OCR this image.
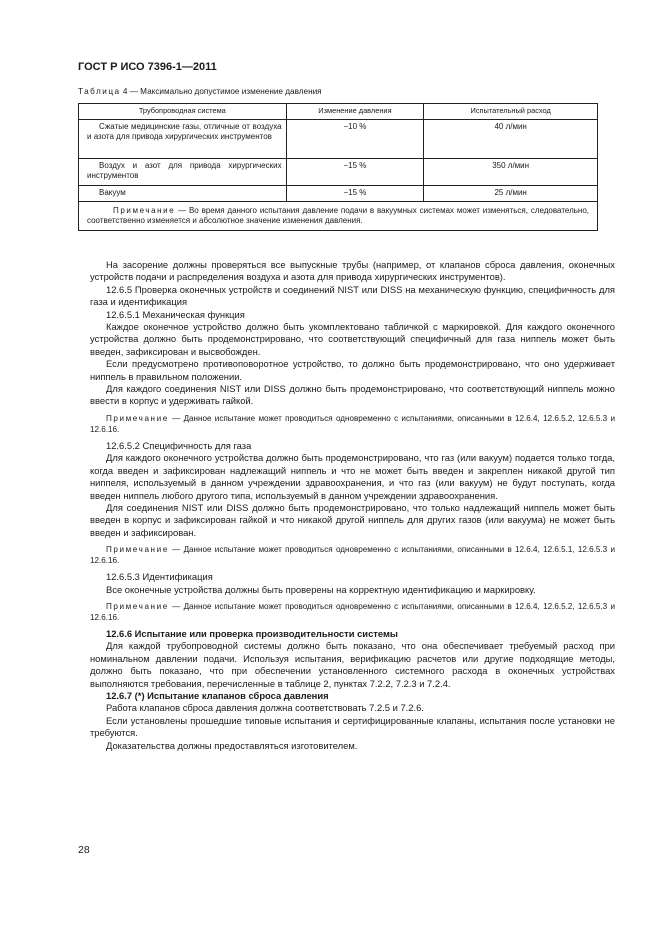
ГОСТ Р ИСО 7396-1—2011
Таблица 4 — Максимально допустимое изменение давления
Трубопроводная система	Изменение давления	Испытательный расход
Сжатые медицинские газы, отличные от воздуха и азота для привода хирургических инструментов	−10 %	40 л/мин
Воздух и азот для привода хирургических инструментов	−15 %	350 л/мин
Вакуум	−15 %	25 л/мин
Примечание — Во время данного испытания давление подачи в вакуумных системах может изменяться, следовательно, соответственно изменяется и абсолютное значение изменения давления.		

На засорение должны проверяться все выпускные трубы (например, от клапанов сброса давления, оконечных устройств подачи и распределения воздуха и азота для привода хирургических инструментов).

12.6.5 Проверка оконечных устройств и соединений NIST или DISS на механическую функцию, специфичность для газа и идентификация

12.6.5.1 Механическая функция

Каждое оконечное устройство должно быть укомплектовано табличкой с маркировкой. Для каждого оконечного устройства должно быть продемонстрировано, что соответствующий специфичный для газа ниппель может быть введен, зафиксирован и высвобожден.

Если предусмотрено противоповоротное устройство, то должно быть продемонстрировано, что оно удерживает ниппель в правильном положении.

Для каждого соединения NIST или DISS должно быть продемонстрировано, что соответствующий ниппель можно ввести в корпус и удерживать гайкой.

Примечание — Данное испытание может проводиться одновременно с испытаниями, описанными в 12.6.4, 12.6.5.2, 12.6.5.3 и 12.6.16.

12.6.5.2 Специфичность для газа

Для каждого оконечного устройства должно быть продемонстрировано, что газ (или вакуум) подается только тогда, когда введен и зафиксирован надлежащий ниппель и что не может быть введен и закреплен никакой другой тип ниппеля, используемый в данном учреждении здравоохранения, и что газ (или вакуум) не будут поступать, когда введен ниппель любого другого типа, используемый в данном учреждении здравоохранения.

Для соединения NIST или DISS должно быть продемонстрировано, что только надлежащий ниппель может быть введен в корпус и зафиксирован гайкой и что никакой другой ниппель для других газов (или вакуума) не может быть введен и зафиксирован.

Примечание — Данное испытание может проводиться одновременно с испытаниями, описанными в 12.6.4, 12.6.5.1, 12.6.5.3 и 12.6.16.

12.6.5.3 Идентификация

Все оконечные устройства должны быть проверены на корректную идентификацию и маркировку.

Примечание — Данное испытание может проводиться одновременно с испытаниями, описанными в 12.6.4, 12.6.5.2, 12.6.5.3 и 12.6.16.

12.6.6 Испытание или проверка производительности системы

Для каждой трубопроводной системы должно быть показано, что она обеспечивает требуемый расход при номинальном давлении подачи. Используя испытания, верификацию расчетов или другие подходящие методы, должно быть показано, что при обеспечении установленного системного расхода в оконечных устройствах выполняются требования, перечисленные в таблице 2, пунктах 7.2.2, 7.2.3 и 7.2.4.

12.6.7 (*) Испытание клапанов сброса давления

Работа клапанов сброса давления должна соответствовать 7.2.5 и 7.2.6.

Если установлены прошедшие типовые испытания и сертифицированные клапаны, испытания после установки не требуются.

Доказательства должны предоставляться изготовителем.

28
